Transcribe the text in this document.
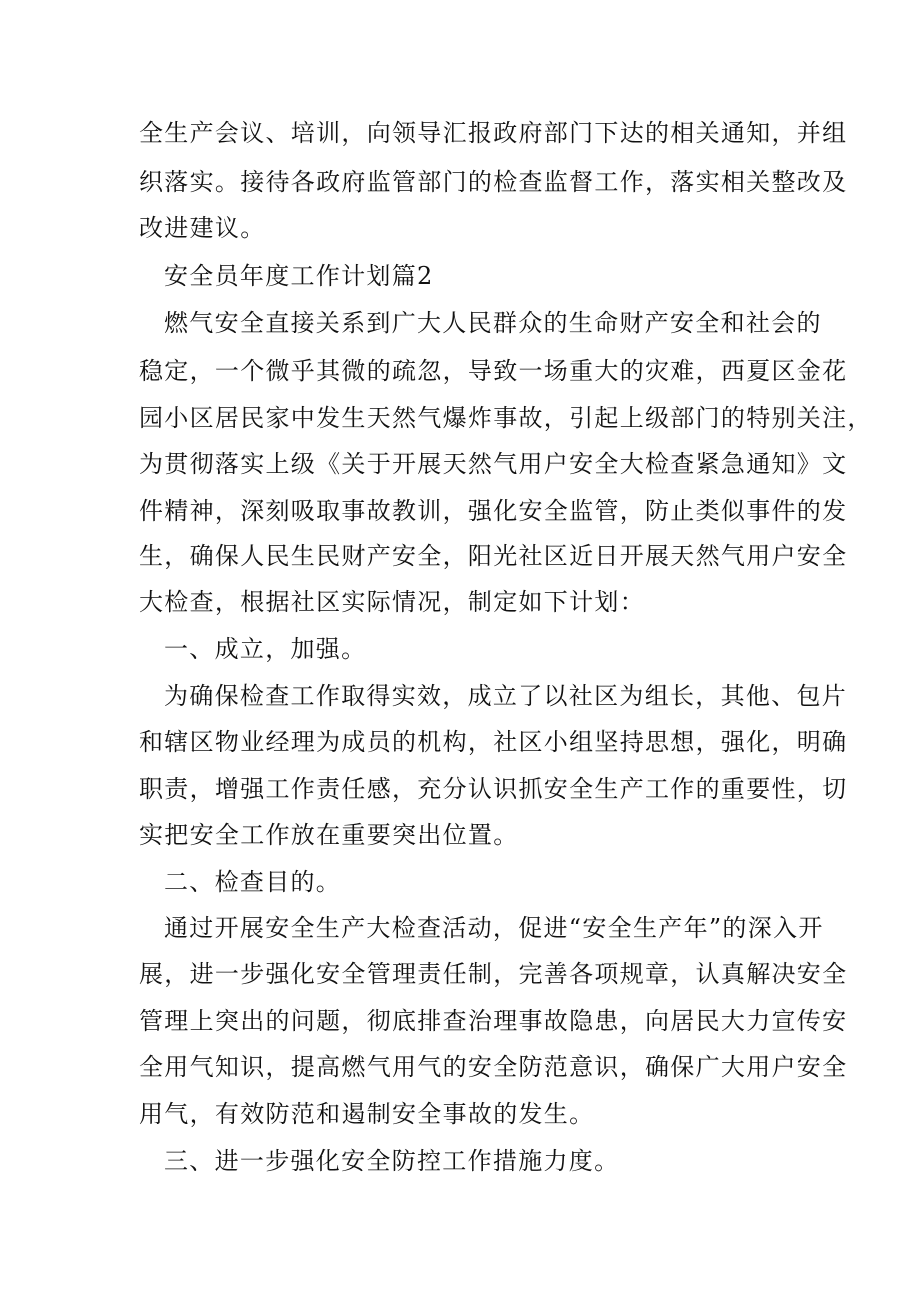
全生产会议、培训，向领导汇报政府部门下达的相关通知，并组
织落实。接待各政府监管部门的检查监督工作，落实相关整改及
改进建议。
安全员年度工作计划篇2
燃气安全直接关系到广大人民群众的生命财产安全和社会的
稳定，一个微乎其微的疏忽，导致一场重大的灾难，西夏区金花
园小区居民家中发生天然气爆炸事故，引起上级部门的特别关注，
为贯彻落实上级《关于开展天然气用户安全大检查紧急通知》文
件精神，深刻吸取事故教训，强化安全监管，防止类似事件的发
生，确保人民生民财产安全，阳光社区近日开展天然气用户安全
大检查，根据社区实际情况，制定如下计划：
一、成立，加强。
为确保检查工作取得实效，成立了以社区为组长，其他、包片
和辖区物业经理为成员的机构，社区小组坚持思想，强化，明确
职责，增强工作责任感，充分认识抓安全生产工作的重要性，切
实把安全工作放在重要突出位置。
二、检查目的。
通过开展安全生产大检查活动，促进“安全生产年”的深入开
展，进一步强化安全管理责任制，完善各项规章，认真解决安全
管理上突出的问题，彻底排查治理事故隐患，向居民大力宣传安
全用气知识，提高燃气用气的安全防范意识，确保广大用户安全
用气，有效防范和遏制安全事故的发生。
三、进一步强化安全防控工作措施力度。
